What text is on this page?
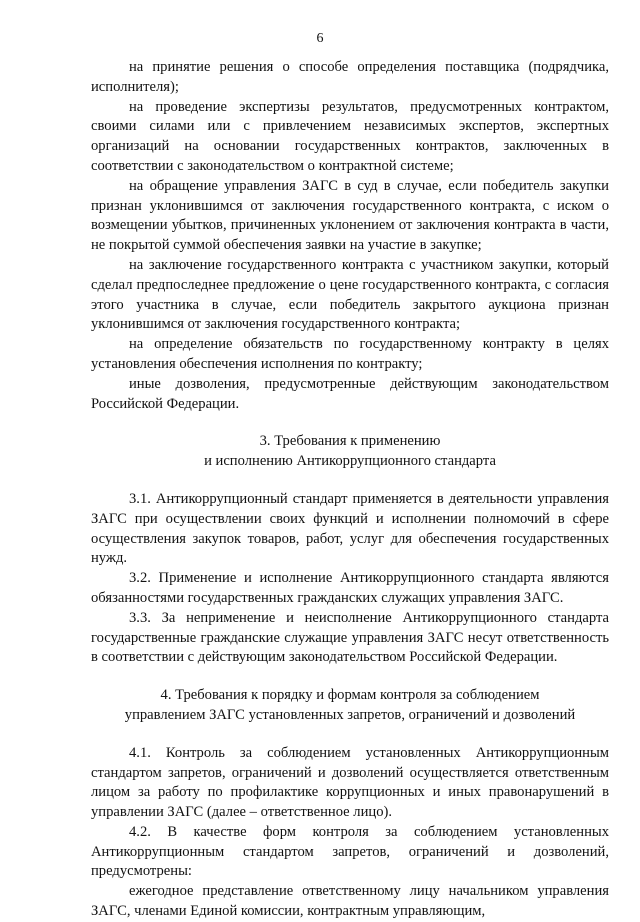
6

на принятие решения о способе определения поставщика (подрядчика, исполнителя);

на проведение экспертизы результатов, предусмотренных контрактом, своими силами или с привлечением независимых экспертов, экспертных организаций на основании государственных контрактов, заключенных в соответствии с законодательством о контрактной системе;

на обращение управления ЗАГС в суд в случае, если победитель закупки признан уклонившимся от заключения государственного контракта, с иском о возмещении убытков, причиненных уклонением от заключения контракта в части, не покрытой суммой обеспечения заявки на участие в закупке;

на заключение государственного контракта с участником закупки, который сделал предпоследнее предложение о цене государственного контракта, с согласия этого участника в случае, если победитель закрытого аукциона признан уклонившимся от заключения государственного контракта;

на определение обязательств по государственному контракту в целях установления обеспечения исполнения по контракту;

иные дозволения, предусмотренные действующим законодательством Российской Федерации.

3. Требования к применению
и исполнению Антикоррупционного стандарта

3.1. Антикоррупционный стандарт применяется в деятельности управления ЗАГС при осуществлении своих функций и исполнении полномочий в сфере осуществления закупок товаров, работ, услуг для обеспечения государственных нужд.

3.2. Применение и исполнение Антикоррупционного стандарта являются обязанностями государственных гражданских служащих управления ЗАГС.

3.3. За неприменение и неисполнение Антикоррупционного стандарта государственные гражданские служащие управления ЗАГС несут ответственность в соответствии с действующим законодательством Российской Федерации.

4. Требования к порядку и формам контроля за соблюдением
управлением ЗАГС установленных запретов, ограничений и дозволений

4.1. Контроль за соблюдением установленных Антикоррупционным стандартом запретов, ограничений и дозволений осуществляется ответственным лицом за работу по профилактике коррупционных и иных правонарушений в управлении ЗАГС (далее – ответственное лицо).

4.2. В качестве форм контроля за соблюдением установленных Антикоррупционным стандартом запретов, ограничений и дозволений, предусмотрены:

ежегодное представление ответственному лицу начальником управления ЗАГС, членами Единой комиссии, контрактным управляющим,
